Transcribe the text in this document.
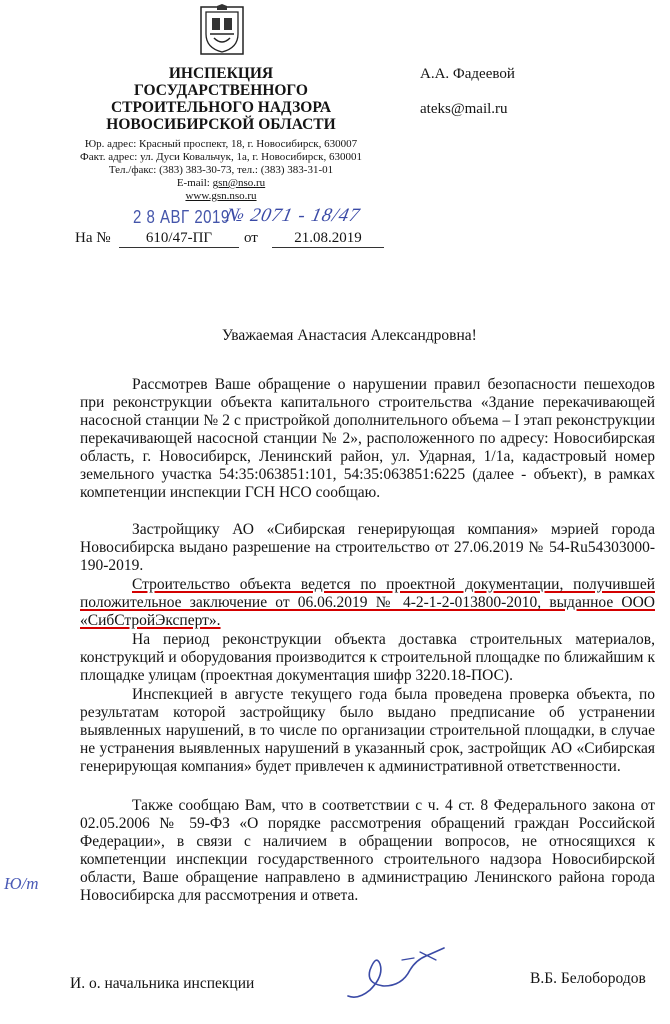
ИНСПЕКЦИЯ
ГОСУДАРСТВЕННОГО
СТРОИТЕЛЬНОГО НАДЗОРА
НОВОСИБИРСКОЙ ОБЛАСТИ
Юр. адрес: Красный проспект, 18, г. Новосибирск, 630007
Факт. адрес: ул. Дуси Ковальчук, 1а, г. Новосибирск, 630001
Тел./факс: (383) 383-30-73, тел.: (383) 383-31-01
E-mail: gsn@nso.ru
www.gsn.nso.ru
А.А. Фадеевой
ateks@mail.ru
2 8 АВГ 2019
№ 2071 - 18/47
На №	610/47-ПГ	от	21.08.2019
Уважаемая Анастасия Александровна!

Рассмотрев Ваше обращение о нарушении правил безопасности пешеходов при реконструкции объекта капитального строительства «Здание перекачивающей насосной станции № 2 с пристройкой дополнительного объема – I этап реконструкции перекачивающей насосной станции № 2», расположенного по адресу: Новосибирская область, г. Новосибирск, Ленинский район, ул. Ударная, 1/1а, кадастровый номер земельного участка 54:35:063851:101, 54:35:063851:6225 (далее - объект), в рамках компетенции инспекции ГСН НСО сообщаю.

Застройщику АО «Сибирская генерирующая компания» мэрией города Новосибирска выдано разрешение на строительство от 27.06.2019 № 54-Ru54303000-190-2019.

Строительство объекта ведется по проектной документации, получившей положительное заключение от 06.06.2019 № 4-2-1-2-013800-2010, выданное ООО «СибСтройЭксперт».

На период реконструкции объекта доставка строительных материалов, конструкций и оборудования производится к строительной площадке по ближайшим к площадке улицам (проектная документация шифр 3220.18-ПОС).

Инспекцией в августе текущего года была проведена проверка объекта, по результатам которой застройщику было выдано предписание об устранении выявленных нарушений, в то числе по организации строительной площадки, в случае не устранения выявленных нарушений в указанный срок, застройщик АО «Сибирская генерирующая компания» будет привлечен к административной ответственности.

Также сообщаю Вам, что в соответствии с ч. 4 ст. 8 Федерального закона от 02.05.2006 № 59-ФЗ «О порядке рассмотрения обращений граждан Российской Федерации», в связи с наличием в обращении вопросов, не относящихся к компетенции инспекции государственного строительного надзора Новосибирской области, Ваше обращение направлено в администрацию Ленинского района города Новосибирска для рассмотрения и ответа.

Ю/т
И. о. начальника инспекции	В.Б. Белобородов
